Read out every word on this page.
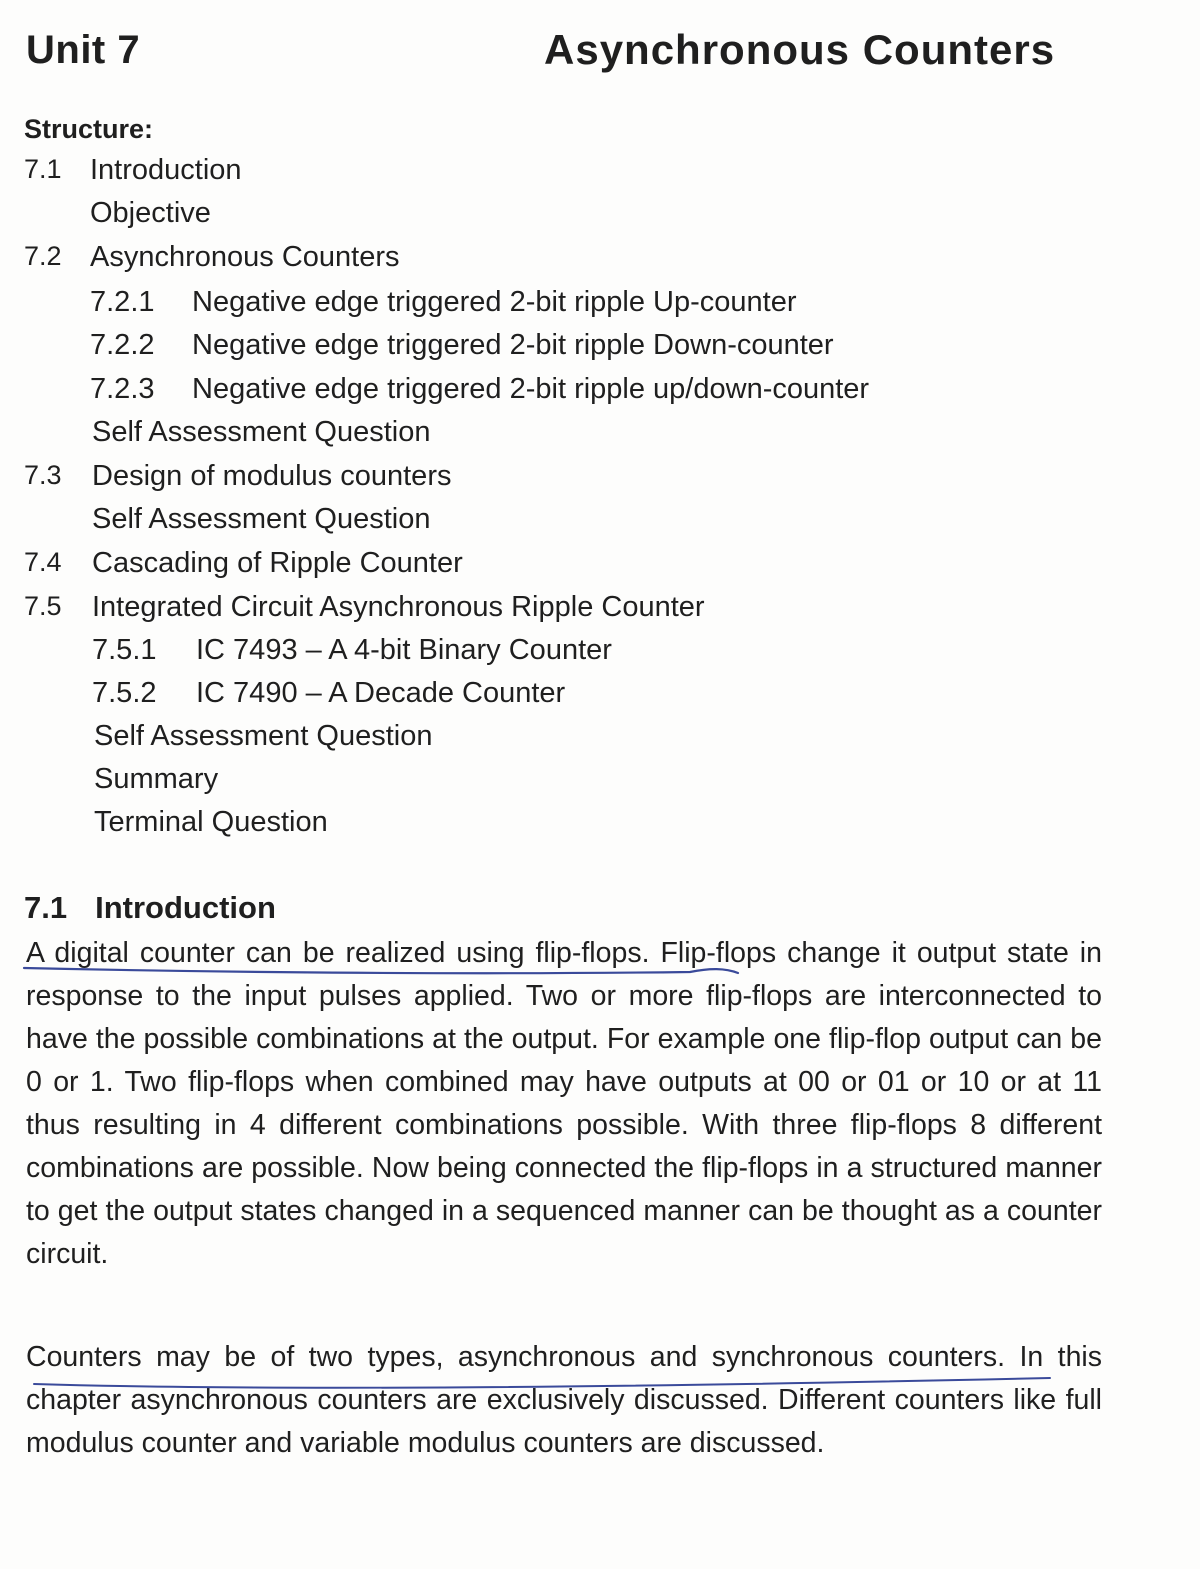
Unit 7	Asynchronous Counters
Structure:
7.1 Introduction
Objective
7.2 Asynchronous Counters
7.2.1 Negative edge triggered 2-bit ripple Up-counter
7.2.2 Negative edge triggered 2-bit ripple Down-counter
7.2.3 Negative edge triggered 2-bit ripple up/down-counter
Self Assessment Question
7.3 Design of modulus counters
Self Assessment Question
7.4 Cascading of Ripple Counter
7.5 Integrated Circuit Asynchronous Ripple Counter
7.5.1 IC 7493 – A 4-bit Binary Counter
7.5.2 IC 7490 – A Decade Counter
Self Assessment Question
Summary
Terminal Question
7.1 Introduction

A digital counter can be realized using flip-flops. Flip-flops change it output state in response to the input pulses applied. Two or more flip-flops are interconnected to have the possible combinations at the output. For example one flip-flop output can be 0 or 1. Two flip-flops when combined may have outputs at 00 or 01 or 10 or at 11 thus resulting in 4 different combinations possible. With three flip-flops 8 different combinations are possible. Now being connected the flip-flops in a structured manner to get the output states changed in a sequenced manner can be thought as a counter circuit.

Counters may be of two types, asynchronous and synchronous counters. In this chapter asynchronous counters are exclusively discussed. Different counters like full modulus counter and variable modulus counters are discussed.
